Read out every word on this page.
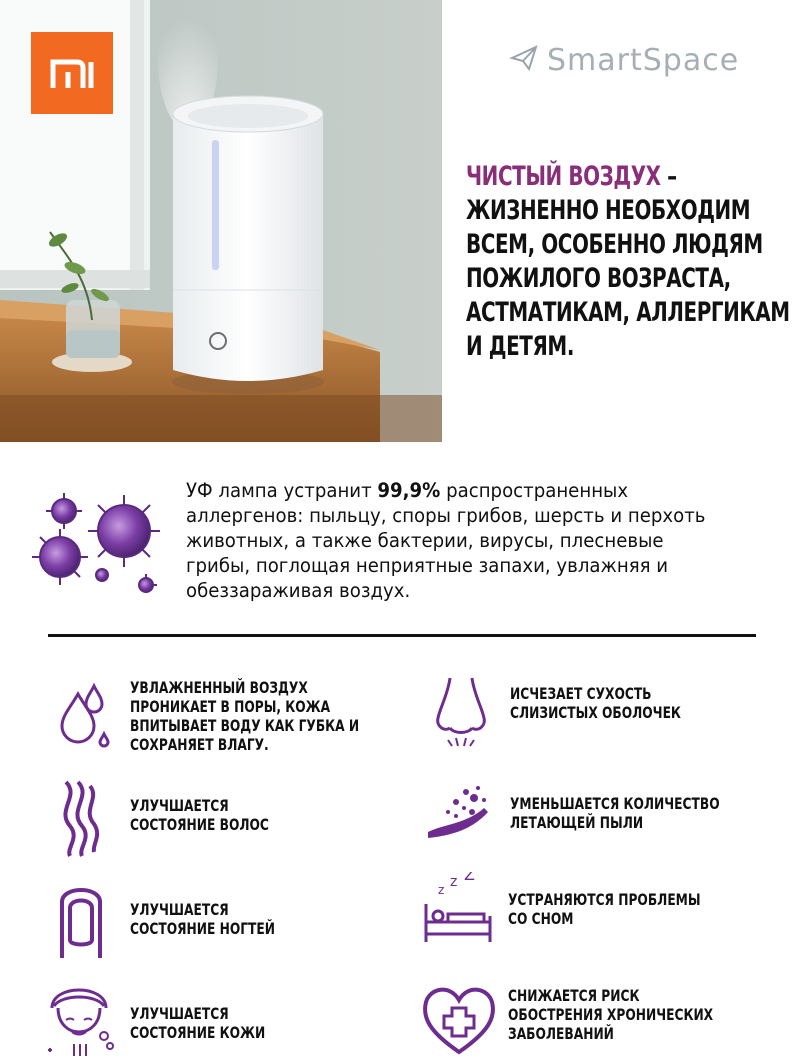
SmartSpace
ЧИСТЫЙ ВОЗДУХ –
ЖИЗНЕННО НЕОБХОДИМ
ВСЕМ, ОСОБЕННО ЛЮДЯМ
ПОЖИЛОГО ВОЗРАСТА,
АСТМАТИКАМ, АЛЛЕРГИКАМ
И ДЕТЯМ.
УФ лампа устранит 99,9% распространенных
аллергенов: пыльцу, споры грибов, шерсть и перхоть
животных, а также бактерии, вирусы, плесневые
грибы, поглощая неприятные запахи, увлажняя и
обеззараживая воздух.
УВЛАЖНЕННЫЙ ВОЗДУХ
ПРОНИКАЕТ В ПОРЫ, КОЖА
ВПИТЫВАЕТ ВОДУ КАК ГУБКА И
СОХРАНЯЕТ ВЛАГУ.
ИСЧЕЗАЕТ СУХОСТЬ
СЛИЗИСТЫХ ОБОЛОЧЕК
УЛУЧШАЕТСЯ
СОСТОЯНИЕ ВОЛОС
УМЕНЬШАЕТСЯ КОЛИЧЕСТВО
ЛЕТАЮЩЕЙ ПЫЛИ
УЛУЧШАЕТСЯ
СОСТОЯНИЕ НОГТЕЙ
z z Z
УСТРАНЯЮТСЯ ПРОБЛЕМЫ
СО СНОМ
УЛУЧШАЕТСЯ
СОСТОЯНИЕ КОЖИ
СНИЖАЕТСЯ РИСК
ОБОСТРЕНИЯ ХРОНИЧЕСКИХ
ЗАБОЛЕВАНИЙ
